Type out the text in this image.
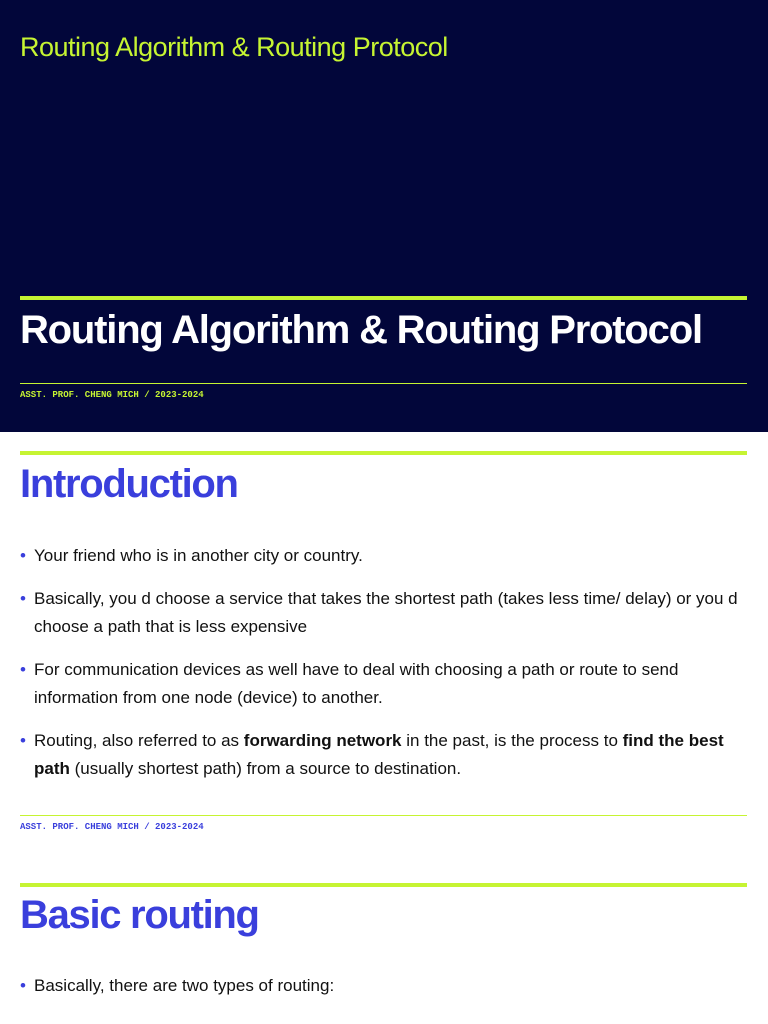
Routing Algorithm & Routing Protocol
Routing Algorithm & Routing Protocol
ASST. PROF. CHENG MICH / 2023-2024
Introduction
• Your friend who is in another city or country.
• Basically, you d choose a service that takes the shortest path (takes less time/ delay) or you d choose a path that is less expensive
• For communication devices as well have to deal with choosing a path or route to send information from one node (device) to another.
• Routing, also referred to as forwarding network in the past, is the process to find the best path (usually shortest path) from a source to destination.
ASST. PROF. CHENG MICH / 2023-2024
Basic routing
• Basically, there are two types of routing:
